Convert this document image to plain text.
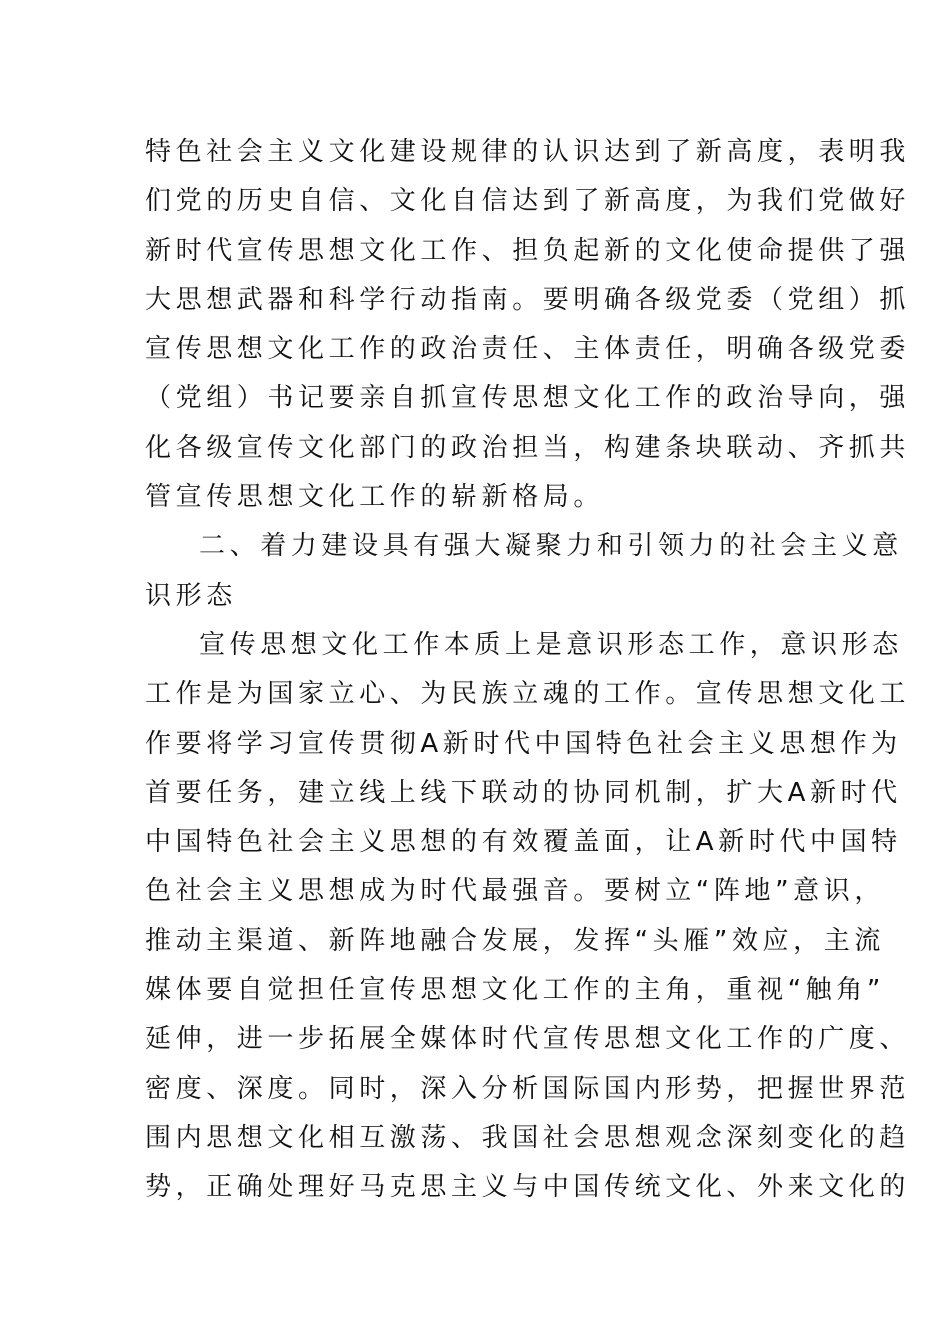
特色社会主义文化建设规律的认识达到了新高度，表明我
们党的历史自信、文化自信达到了新高度，为我们党做好
新时代宣传思想文化工作、担负起新的文化使命提供了强
大思想武器和科学行动指南。要明确各级党委（党组）抓
宣传思想文化工作的政治责任、主体责任，明确各级党委
（党组）书记要亲自抓宣传思想文化工作的政治导向，强
化各级宣传文化部门的政治担当，构建条块联动、齐抓共
管宣传思想文化工作的崭新格局。
二、着力建设具有强大凝聚力和引领力的社会主义意
识形态
宣传思想文化工作本质上是意识形态工作，意识形态
工作是为国家立心、为民族立魂的工作。宣传思想文化工
作要将学习宣传贯彻A新时代中国特色社会主义思想作为
首要任务，建立线上线下联动的协同机制，扩大A新时代
中国特色社会主义思想的有效覆盖面，让A新时代中国特
色社会主义思想成为时代最强音。要树立“阵地”意识，
推动主渠道、新阵地融合发展，发挥“头雁”效应，主流
媒体要自觉担任宣传思想文化工作的主角，重视“触角”
延伸，进一步拓展全媒体时代宣传思想文化工作的广度、
密度、深度。同时，深入分析国际国内形势，把握世界范
围内思想文化相互激荡、我国社会思想观念深刻变化的趋
势，正确处理好马克思主义与中国传统文化、外来文化的
